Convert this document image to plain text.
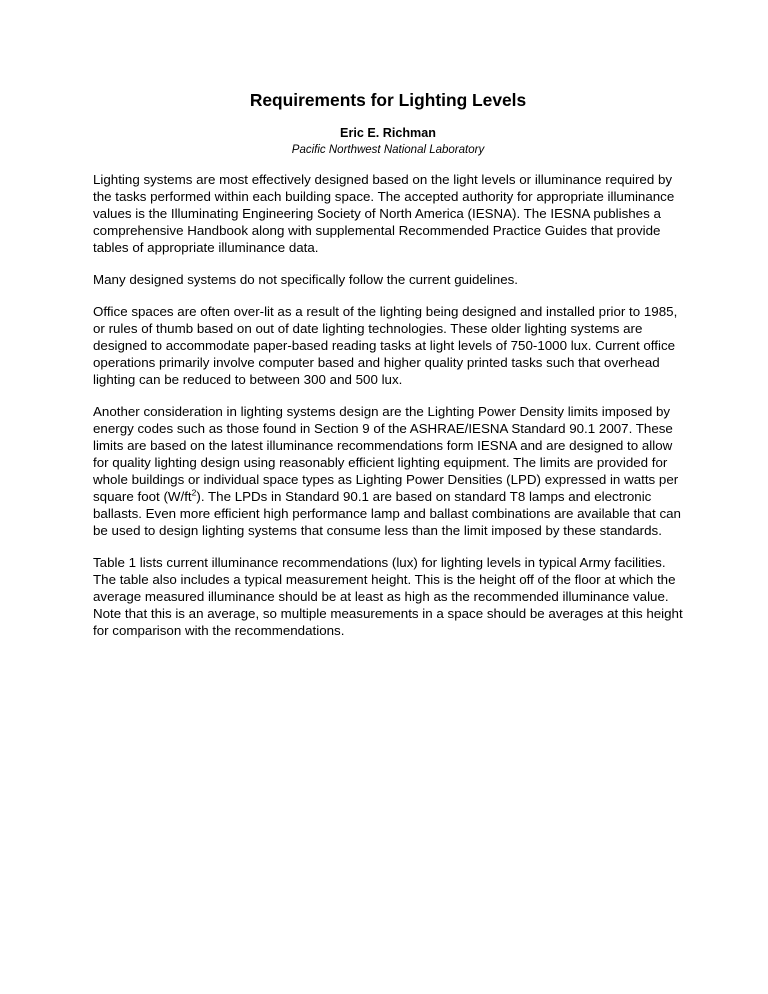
Requirements for Lighting Levels

Eric E. Richman

Pacific Northwest National Laboratory

Lighting systems are most effectively designed based on the light levels or illuminance required by the tasks performed within each building space. The accepted authority for appropriate illuminance values is the Illuminating Engineering Society of North America (IESNA). The IESNA publishes a comprehensive Handbook along with supplemental Recommended Practice Guides that provide tables of appropriate illuminance data.

Many designed systems do not specifically follow the current guidelines.

Office spaces are often over-lit as a result of the lighting being designed and installed prior to 1985, or rules of thumb based on out of date lighting technologies. These older lighting systems are designed to accommodate paper-based reading tasks at light levels of 750-1000 lux. Current office operations primarily involve computer based and higher quality printed tasks such that overhead lighting can be reduced to between 300 and 500 lux.

Another consideration in lighting systems design are the Lighting Power Density limits imposed by energy codes such as those found in Section 9 of the ASHRAE/IESNA Standard 90.1 2007. These limits are based on the latest illuminance recommendations form IESNA and are designed to allow for quality lighting design using reasonably efficient lighting equipment. The limits are provided for whole buildings or individual space types as Lighting Power Densities (LPD) expressed in watts per square foot $(W/ft^2)$. The LPDs in Standard 90.1 are based on standard T8 lamps and electronic ballasts. Even more efficient high performance lamp and ballast combinations are available that can be used to design lighting systems that consume less than the limit imposed by these standards.

Table 1 lists current illuminance recommendations (lux) for lighting levels in typical Army facilities. The table also includes a typical measurement height. This is the height off of the floor at which the average measured illuminance should be at least as high as the recommended illuminance value. Note that this is an average, so multiple measurements in a space should be averages at this height for comparison with the recommendations.
